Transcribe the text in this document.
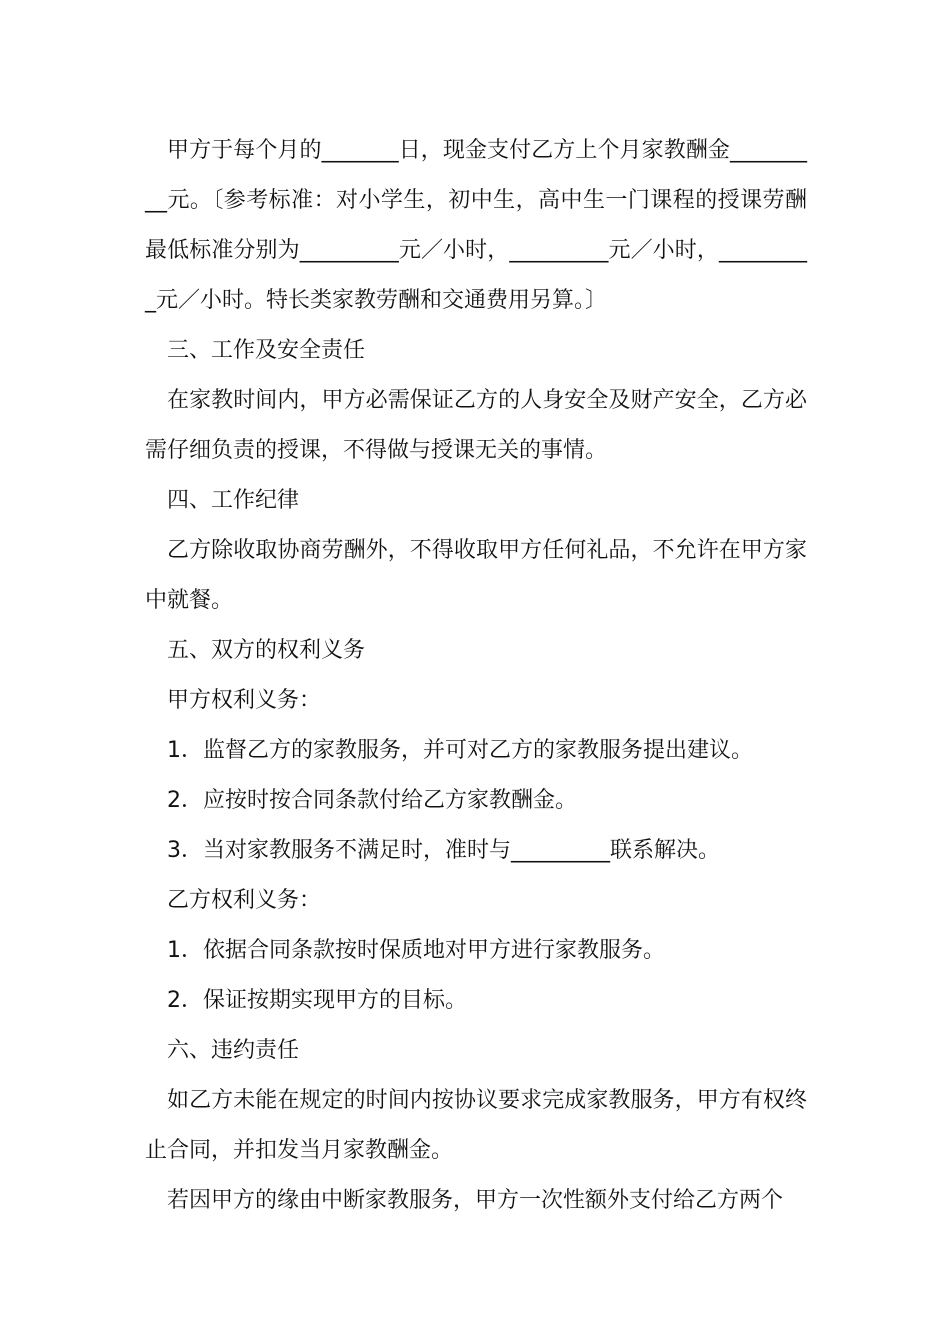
甲方于每个月的_______日，现金支付乙方上个月家教酬金_________元。〔参考标准：对小学生，初中生，高中生一门课程的授课劳酬最低标准分别为_________元／小时，_________元／小时，_________元／小时。特长类家教劳酬和交通费用另算。〕

三、工作及安全责任

在家教时间内，甲方必需保证乙方的人身安全及财产安全，乙方必需仔细负责的授课，不得做与授课无关的事情。

四、工作纪律

乙方除收取协商劳酬外，不得收取甲方任何礼品，不允许在甲方家中就餐。

五、双方的权利义务

甲方权利义务：

1．监督乙方的家教服务，并可对乙方的家教服务提出建议。

2．应按时按合同条款付给乙方家教酬金。

3．当对家教服务不满足时，准时与_________联系解决。

乙方权利义务：

1．依据合同条款按时保质地对甲方进行家教服务。

2．保证按期实现甲方的目标。

六、违约责任

如乙方未能在规定的时间内按协议要求完成家教服务，甲方有权终止合同，并扣发当月家教酬金。

若因甲方的缘由中断家教服务，甲方一次性额外支付给乙方两个
